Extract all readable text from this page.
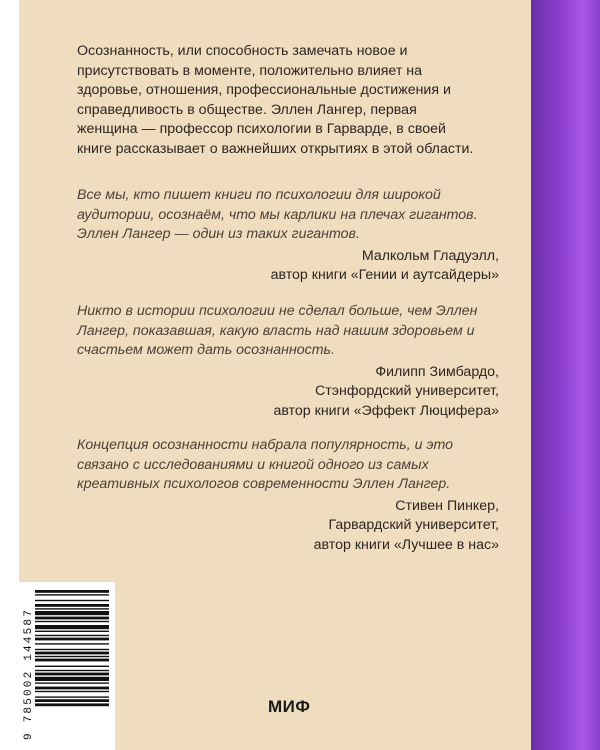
Осознанность, или способность замечать новое и присутствовать в моменте, положительно влияет на здоровье, отношения, профессиональные достижения и справедливость в обществе. Эллен Лангер, первая женщина — профессор психологии в Гарварде, в своей книге рассказывает о важнейших открытиях в этой области.

Все мы, кто пишет книги по психологии для широкой аудитории, осознаём, что мы карлики на плечах гигантов. Эллен Лангер — один из таких гигантов.

Малкольм Гладуэлл,
автор книги «Гении и аутсайдеры»

Никто в истории психологии не сделал больше, чем Эллен Лангер, показавшая, какую власть над нашим здоровьем и счастьем может дать осознанность.

Филипп Зимбардо,
Стэнфордский университет,
автор книги «Эффект Люцифера»

Концепция осознанности набрала популярность, и это связано с исследованиями и книгой одного из самых креативных психологов современности Эллен Лангер.

Стивен Пинкер,
Гарвардский университет,
автор книги «Лучшее в нас»
9 785002 144587	МИФ
